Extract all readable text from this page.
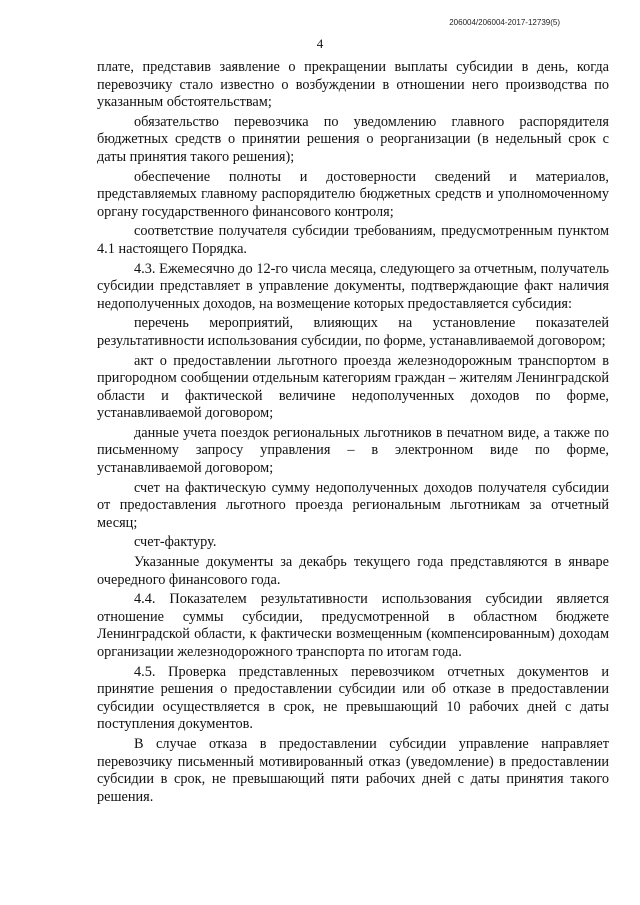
206004/206004-2017-12739(5)
4

плате, представив заявление о прекращении выплаты субсидии в день, когда перевозчику стало известно о возбуждении в отношении него производства по указанным обстоятельствам;

обязательство перевозчика по уведомлению главного распорядителя бюджетных средств о принятии решения о реорганизации (в недельный срок с даты принятия такого решения);

обеспечение полноты и достоверности сведений и материалов, представляемых главному распорядителю бюджетных средств и уполномоченному органу государственного финансового контроля;

соответствие получателя субсидии требованиям, предусмотренным пунктом 4.1 настоящего Порядка.

4.3. Ежемесячно до 12-го числа месяца, следующего за отчетным, получатель субсидии представляет в управление документы, подтверждающие факт наличия недополученных доходов, на возмещение которых предоставляется субсидия:

перечень мероприятий, влияющих на установление показателей результативности использования субсидии, по форме, устанавливаемой договором;

акт о предоставлении льготного проезда железнодорожным транспортом в пригородном сообщении отдельным категориям граждан – жителям Ленинградской области и фактической величине недополученных доходов по форме, устанавливаемой договором;

данные учета поездок региональных льготников в печатном виде, а также по письменному запросу управления – в электронном виде по форме, устанавливаемой договором;

счет на фактическую сумму недополученных доходов получателя субсидии от предоставления льготного проезда региональным льготникам за отчетный месяц;

счет-фактуру.

Указанные документы за декабрь текущего года представляются в январе очередного финансового года.

4.4. Показателем результативности использования субсидии является отношение суммы субсидии, предусмотренной в областном бюджете Ленинградской области, к фактически возмещенным (компенсированным) доходам организации железнодорожного транспорта по итогам года.

4.5. Проверка представленных перевозчиком отчетных документов и принятие решения о предоставлении субсидии или об отказе в предоставлении субсидии осуществляется в срок, не превышающий 10 рабочих дней с даты поступления документов.

В случае отказа в предоставлении субсидии управление направляет перевозчику письменный мотивированный отказ (уведомление) в предоставлении субсидии в срок, не превышающий пяти рабочих дней с даты принятия такого решения.
